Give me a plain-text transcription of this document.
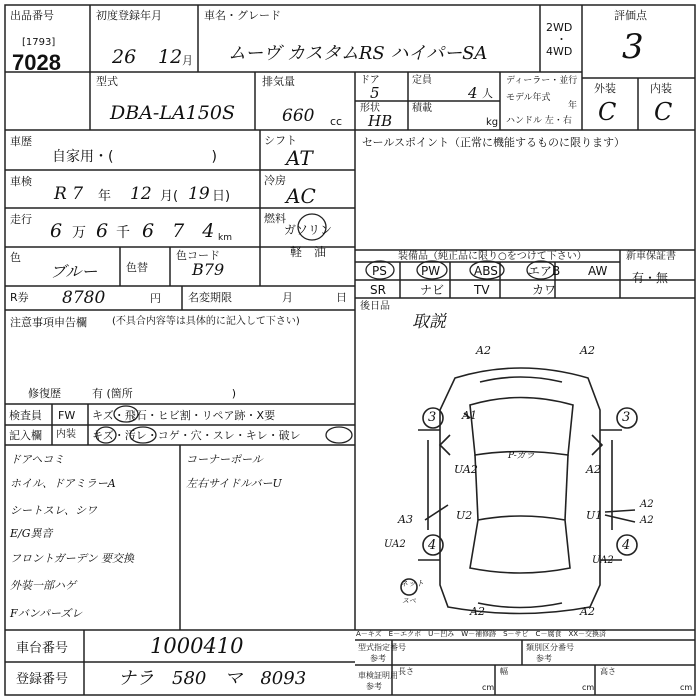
出品番号
[1793]
7028
初度登録年月
26 12 月
車名・グレード
ムーヴ カスタムRS ハイパーSA
2WD
・
4WD
評価点
3
型式
DBA-LA150S
排気量
660 cc
ドア
5
定員
4 人
形状
HB
積載
kg
ディーラー・並行
モデル年式
年
ハンドル 左・右
外装	内装
C C
車歴
自家用・(　　　　　　　)
車検
R 7 年 12 月( 19 日)
走行
6 万 6 千 6 7 4
km
色
ブルー	色替
色コード
B79
R券 8780	円 名変期限	月	日
注意事項申告欄	(不具合内容等は具体的に記入して下さい)
修復歴	有 (箇所　　　　　　　　　)
シフト
AT
冷房
AC
燃料
ガソリン
軽　油
セールスポイント（正常に機能するものに限ります）
装備品（純正品に限り○をつけて下さい）	新車保証書
PS	PW	ABS	エアB AW
SR	ナビ TV	カワ
有・無
後日品
取説
検査員
記入欄
FW キズ・飛石・ヒビ割・リペア跡・X要
内装 キズ・汚レ・コゲ・穴・スレ・キレ・破レ
ドアヘコミ
ホイル、ドアミラーA
シートスレ、シワ
E/G異音
フロントガーデン 要交換
外装一部ハゲ
Fバンパーズレ
コーナーポール
左右サイドルバーU
A2	A2
A1
3	3
UA2	A2
U2
A3	U1
A2
A2
UA2 4	4
UA2
A2	A2
P-ガラ
ネット
スペ
A－キズ　E－エクボ　U－凹み　W－補修跡　S－サビ　C－腐食　XX－交換済
型式指定番号
参考
類別区分番号
参考
車検証明用
参考
長さ
cm
幅
cm
高さ
cm
車台番号	1000410
登録番号	ナラ　580　マ　8093
